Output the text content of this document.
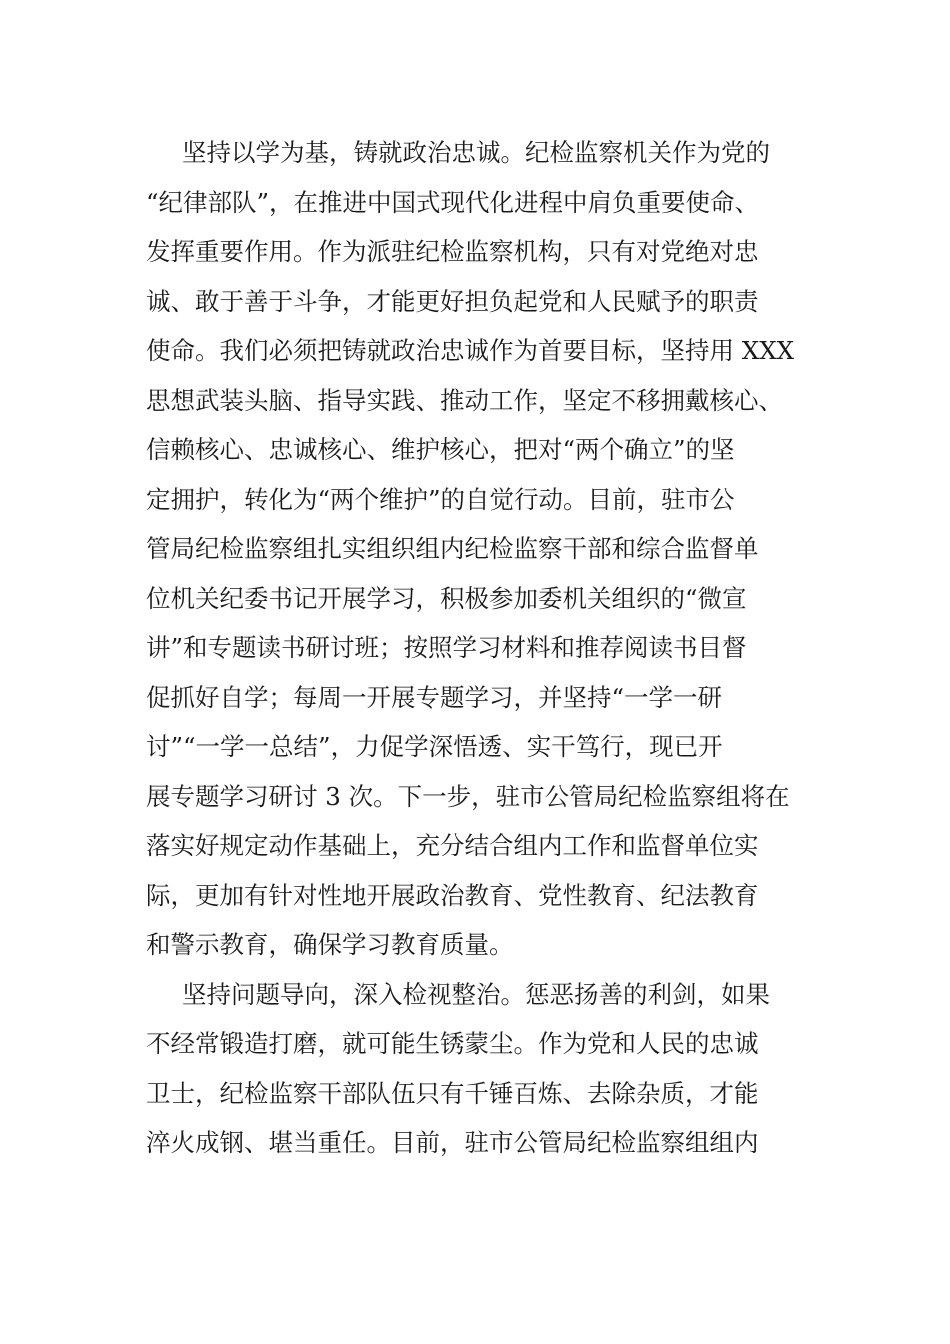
坚持以学为基，铸就政治忠诚。纪检监察机关作为党的
“纪律部队”，在推进中国式现代化进程中肩负重要使命、
发挥重要作用。作为派驻纪检监察机构，只有对党绝对忠
诚、敢于善于斗争，才能更好担负起党和人民赋予的职责
使命。我们必须把铸就政治忠诚作为首要目标，坚持用 XXX
思想武装头脑、指导实践、推动工作，坚定不移拥戴核心、
信赖核心、忠诚核心、维护核心，把对“两个确立”的坚
定拥护，转化为“两个维护”的自觉行动。目前，驻市公
管局纪检监察组扎实组织组内纪检监察干部和综合监督单
位机关纪委书记开展学习，积极参加委机关组织的“微宣
讲”和专题读书研讨班；按照学习材料和推荐阅读书目督
促抓好自学；每周一开展专题学习，并坚持“一学一研
讨”“一学一总结”，力促学深悟透、实干笃行，现已开
展专题学习研讨 3 次。下一步，驻市公管局纪检监察组将在
落实好规定动作基础上，充分结合组内工作和监督单位实
际，更加有针对性地开展政治教育、党性教育、纪法教育
和警示教育，确保学习教育质量。
坚持问题导向，深入检视整治。惩恶扬善的利剑，如果
不经常锻造打磨，就可能生锈蒙尘。作为党和人民的忠诚
卫士，纪检监察干部队伍只有千锤百炼、去除杂质，才能
淬火成钢、堪当重任。目前，驻市公管局纪检监察组组内
